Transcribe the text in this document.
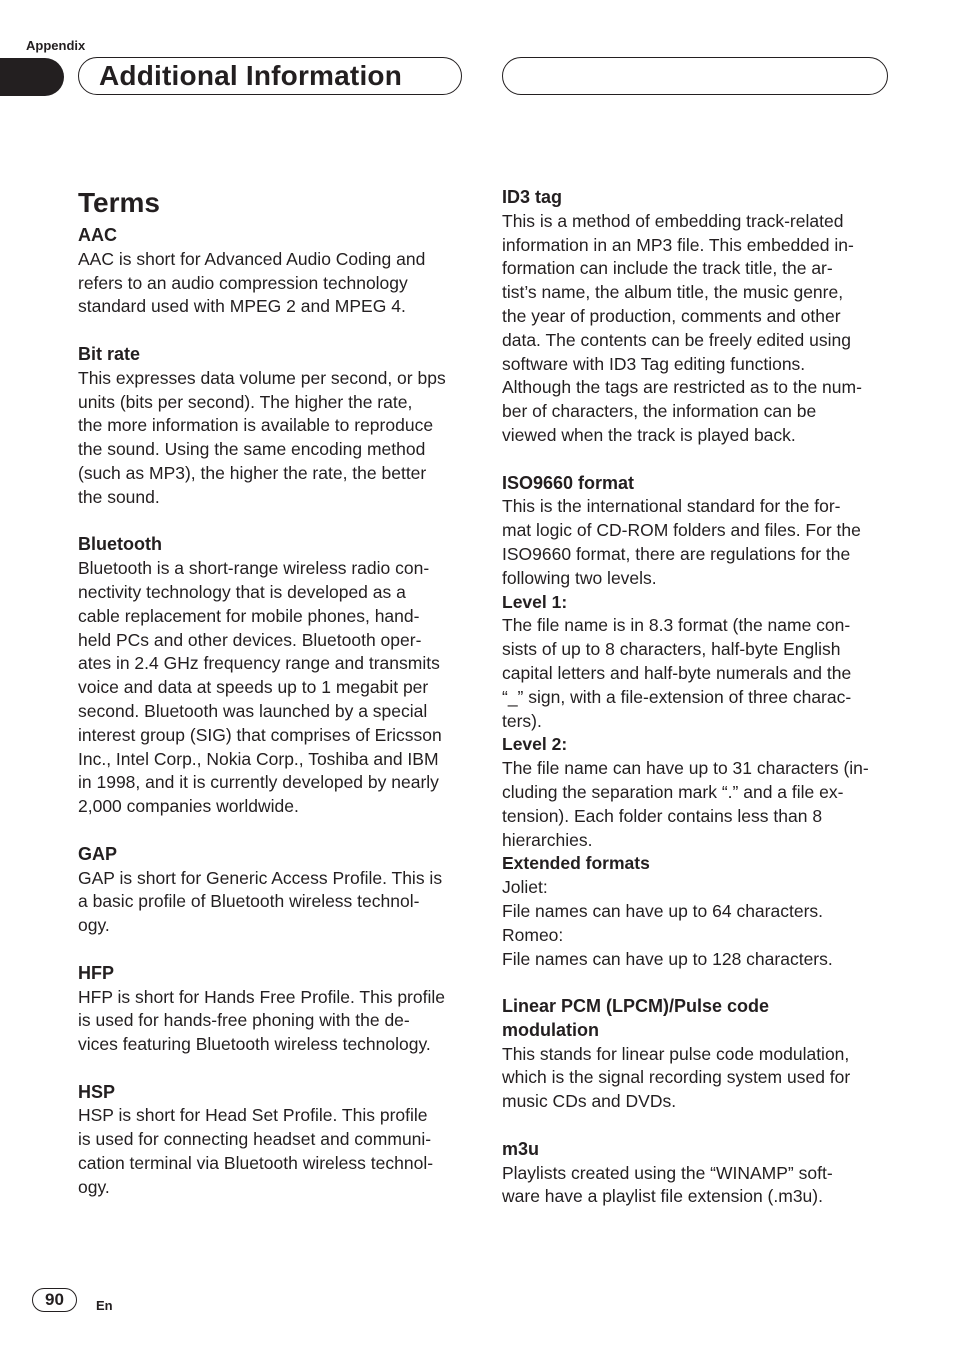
Appendix
Additional Information
Terms
AAC
AAC is short for Advanced Audio Coding and
refers to an audio compression technology
standard used with MPEG 2 and MPEG 4.
Bit rate
This expresses data volume per second, or bps
units (bits per second). The higher the rate,
the more information is available to reproduce
the sound. Using the same encoding method
(such as MP3), the higher the rate, the better
the sound.
Bluetooth
Bluetooth is a short-range wireless radio con-
nectivity technology that is developed as a
cable replacement for mobile phones, hand-
held PCs and other devices. Bluetooth oper-
ates in 2.4 GHz frequency range and transmits
voice and data at speeds up to 1 megabit per
second. Bluetooth was launched by a special
interest group (SIG) that comprises of Ericsson
Inc., Intel Corp., Nokia Corp., Toshiba and IBM
in 1998, and it is currently developed by nearly
2,000 companies worldwide.
GAP
GAP is short for Generic Access Profile. This is
a basic profile of Bluetooth wireless technol-
ogy.
HFP
HFP is short for Hands Free Profile. This profile
is used for hands-free phoning with the de-
vices featuring Bluetooth wireless technology.
HSP
HSP is short for Head Set Profile. This profile
is used for connecting headset and communi-
cation terminal via Bluetooth wireless technol-
ogy.
ID3 tag
This is a method of embedding track-related
information in an MP3 file. This embedded in-
formation can include the track title, the ar-
tist’s name, the album title, the music genre,
the year of production, comments and other
data. The contents can be freely edited using
software with ID3 Tag editing functions.
Although the tags are restricted as to the num-
ber of characters, the information can be
viewed when the track is played back.
ISO9660 format
This is the international standard for the for-
mat logic of CD-ROM folders and files. For the
ISO9660 format, there are regulations for the
following two levels.
Level 1:
The file name is in 8.3 format (the name con-
sists of up to 8 characters, half-byte English
capital letters and half-byte numerals and the
“_” sign, with a file-extension of three charac-
ters).
Level 2:
The file name can have up to 31 characters (in-
cluding the separation mark “.” and a file ex-
tension). Each folder contains less than 8
hierarchies.
Extended formats
Joliet:
File names can have up to 64 characters.
Romeo:
File names can have up to 128 characters.
Linear PCM (LPCM)/Pulse code
modulation
This stands for linear pulse code modulation,
which is the signal recording system used for
music CDs and DVDs.
m3u
Playlists created using the “WINAMP” soft-
ware have a playlist file extension (.m3u).
90	En
